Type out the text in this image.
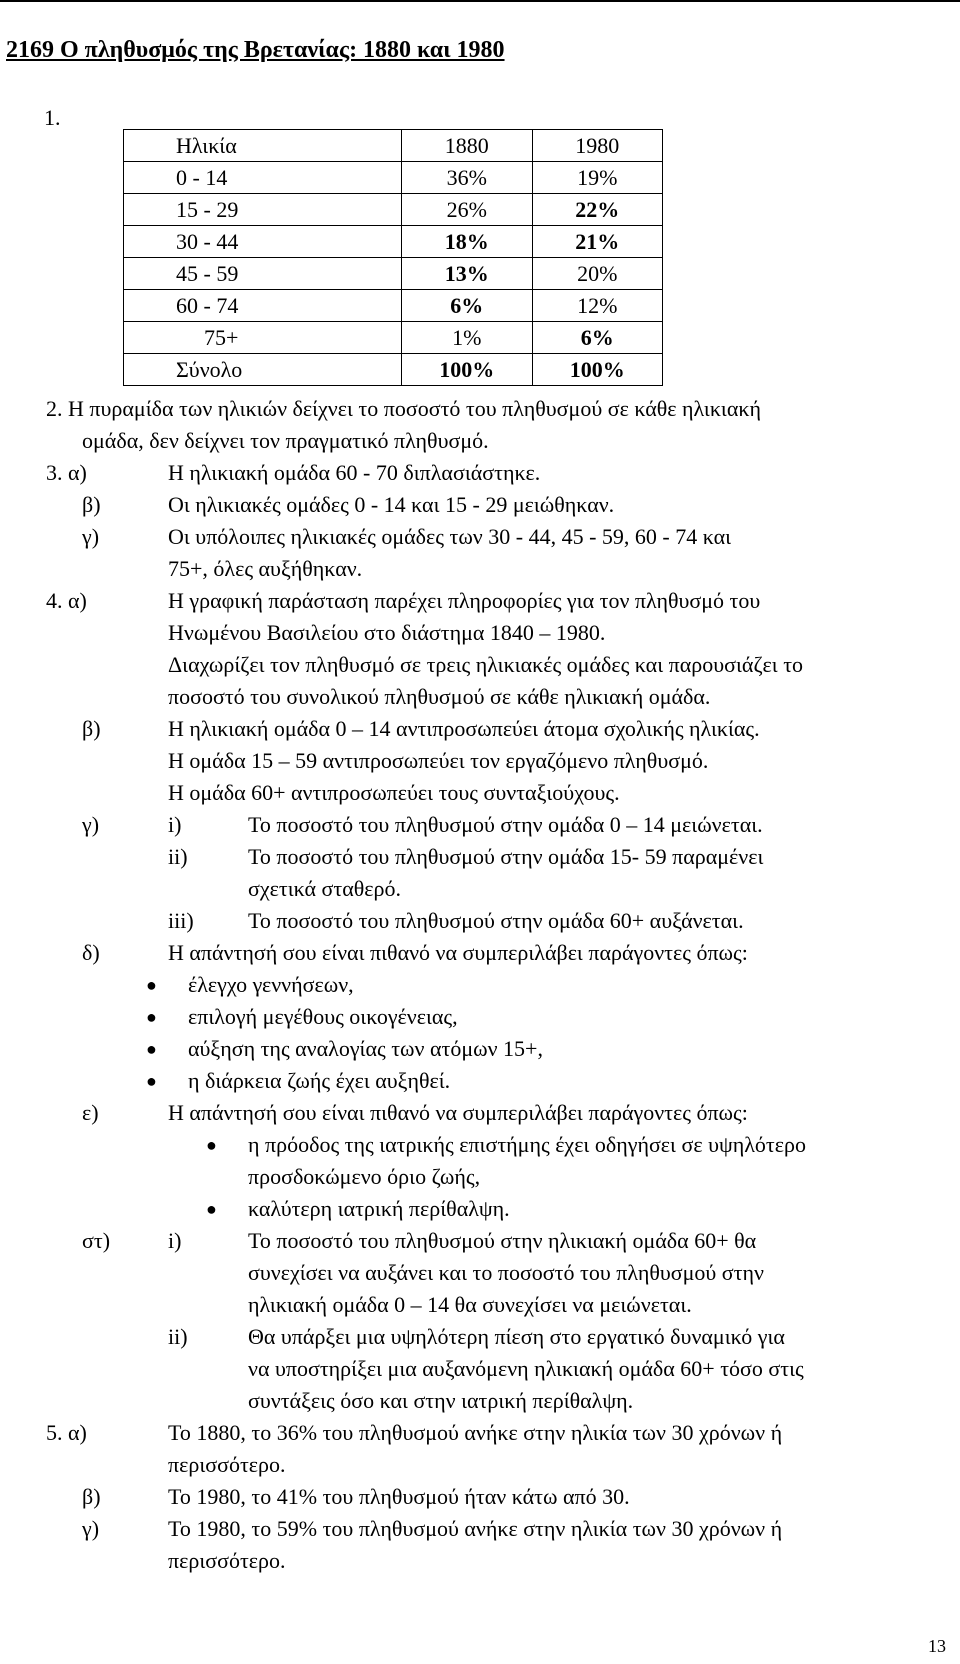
2169 Ο πληθυσμός της Βρετανίας: 1880 και 1980
1.
Ηλικία	1880	1980
0 - 14	36%	19%
15 - 29	26%	22%
30 - 44	18%	21%
45 - 59	13%	20%
60 - 74	6%	12%
75+	1%	6%
Σύνολο	100%	100%
2. Η πυραμίδα των ηλικιών δείχνει το ποσοστό του πληθυσμού σε κάθε ηλικιακή
ομάδα, δεν δείχνει τον πραγματικό πληθυσμό.
3. α)	Η ηλικιακή ομάδα 60 - 70 διπλασιάστηκε.
β)	Οι ηλικιακές ομάδες 0 - 14 και 15 - 29 μειώθηκαν.
γ)	Οι υπόλοιπες ηλικιακές ομάδες των 30 - 44, 45 - 59, 60 - 74 και
75+, όλες αυξήθηκαν.
4. α)	Η γραφική παράσταση παρέχει πληροφορίες για τον πληθυσμό του
Ηνωμένου Βασιλείου στο διάστημα 1840 – 1980.
Διαχωρίζει τον πληθυσμό σε τρεις ηλικιακές ομάδες και παρουσιάζει το
ποσοστό του συνολικού πληθυσμού σε κάθε ηλικιακή ομάδα.
β)	Η ηλικιακή ομάδα 0 – 14 αντιπροσωπεύει άτομα σχολικής ηλικίας.
Η ομάδα 15 – 59 αντιπροσωπεύει τον εργαζόμενο πληθυσμό.
Η ομάδα 60+ αντιπροσωπεύει τους συνταξιούχους.
γ)	i)	Το ποσοστό του πληθυσμού στην ομάδα 0 – 14 μειώνεται.
ii)	Το ποσοστό του πληθυσμού στην ομάδα 15- 59 παραμένει
σχετικά σταθερό.
iii) Το ποσοστό του πληθυσμού στην ομάδα 60+ αυξάνεται.
δ)	Η απάντησή σου είναι πιθανό να συμπεριλάβει παράγοντες όπως:
● έλεγχο γεννήσεων,
● επιλογή μεγέθους οικογένειας,
● αύξηση της αναλογίας των ατόμων 15+,
● η διάρκεια ζωής έχει αυξηθεί.
ε)	Η απάντησή σου είναι πιθανό να συμπεριλάβει παράγοντες όπως:
● η πρόοδος της ιατρικής επιστήμης έχει οδηγήσει σε υψηλότερο
προσδοκώμενο όριο ζωής,
● καλύτερη ιατρική περίθαλψη.
στ)	i)	Το ποσοστό του πληθυσμού στην ηλικιακή ομάδα 60+ θα
συνεχίσει να αυξάνει και το ποσοστό του πληθυσμού στην
ηλικιακή ομάδα 0 – 14 θα συνεχίσει να μειώνεται.
ii)	Θα υπάρξει μια υψηλότερη πίεση στο εργατικό δυναμικό για
να υποστηρίξει μια αυξανόμενη ηλικιακή ομάδα 60+ τόσο στις
συντάξεις όσο και στην ιατρική περίθαλψη.
5. α)	Το 1880, το 36% του πληθυσμού ανήκε στην ηλικία των 30 χρόνων ή
περισσότερο.
β)	Το 1980, το 41% του πληθυσμού ήταν κάτω από 30.
γ)	Το 1980, το 59% του πληθυσμού ανήκε στην ηλικία των 30 χρόνων ή
περισσότερο.
13
